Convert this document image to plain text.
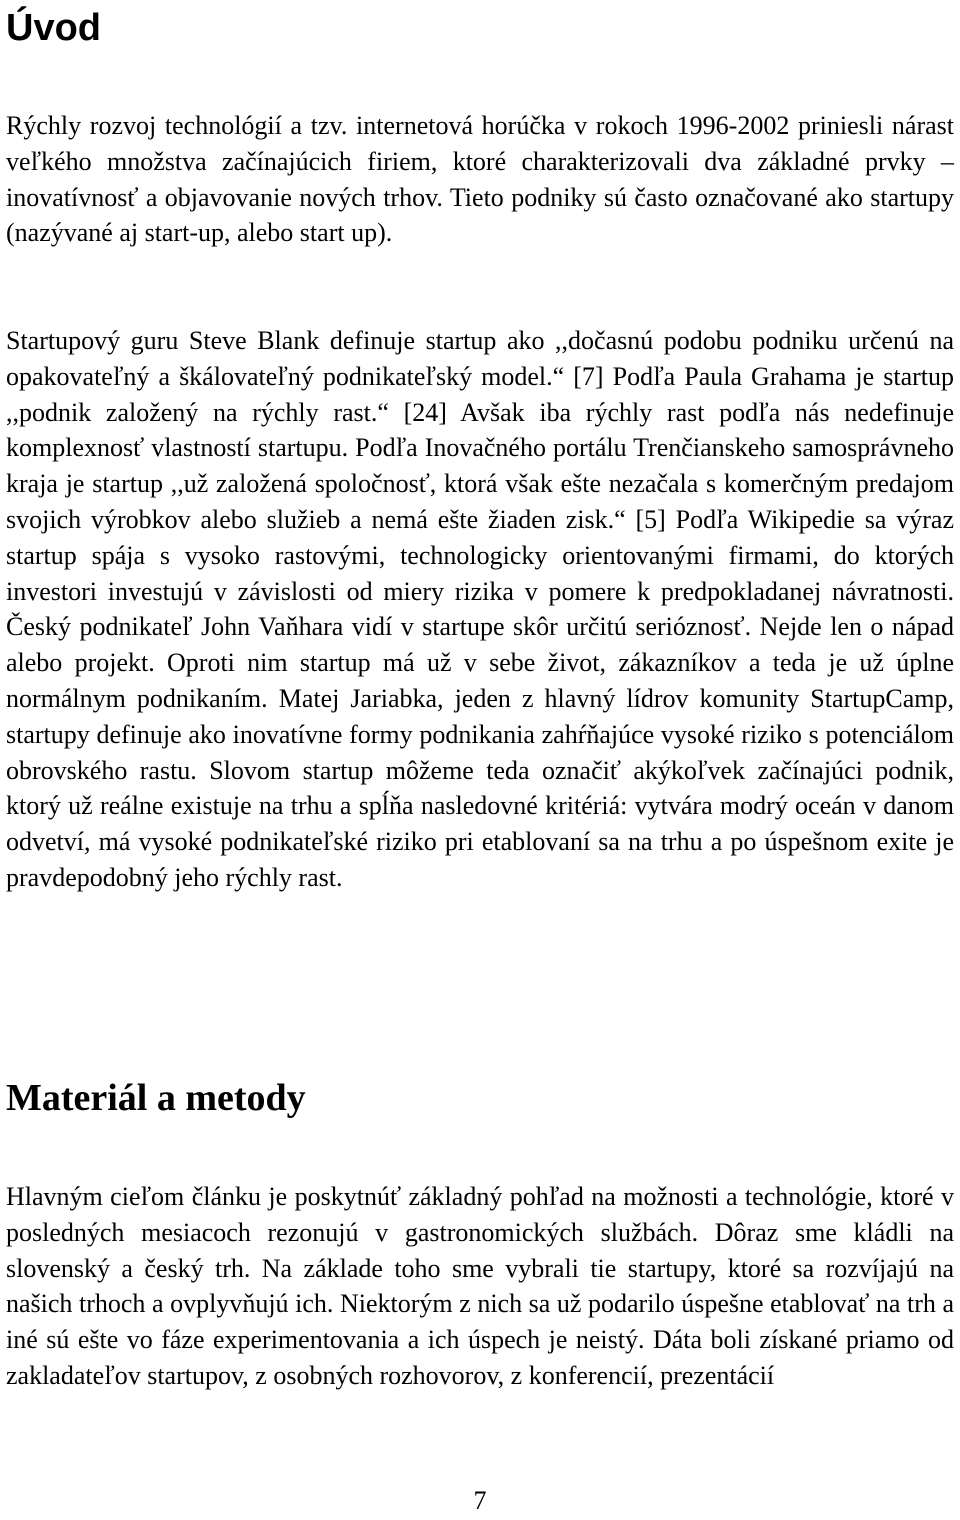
Úvod

Rýchly rozvoj technológií a tzv. internetová horúčka v rokoch 1996-2002 priniesli nárast veľkého množstva začínajúcich firiem, ktoré charakterizovali dva základné prvky – inovatívnosť a objavovanie nových trhov. Tieto podniky sú často označované ako startupy (nazývané aj start-up, alebo start up).

Startupový guru Steve Blank definuje startup ako ,,dočasnú podobu podniku určenú na opakovateľný a škálovateľný podnikateľský model.“ [7] Podľa Paula Grahama je startup ,,podnik založený na rýchly rast.“ [24] Avšak iba rýchly rast podľa nás nedefinuje komplexnosť vlastností startupu. Podľa Inovačného portálu Trenčianskeho samosprávneho kraja je startup ,,už založená spoločnosť, ktorá však ešte nezačala s komerčným predajom svojich výrobkov alebo služieb a nemá ešte žiaden zisk.“ [5] Podľa Wikipedie sa výraz startup spája s vysoko rastovými, technologicky orientovanými firmami, do ktorých investori investujú v závislosti od miery rizika v pomere k predpokladanej návratnosti. Český podnikateľ John Vaňhara vidí v startupe skôr určitú serióznosť. Nejde len o nápad alebo projekt. Oproti nim startup má už v sebe život, zákazníkov a teda je už úplne normálnym podnikaním. Matej Jariabka, jeden z hlavný lídrov komunity StartupCamp, startupy definuje ako inovatívne formy podnikania zahŕňajúce vysoké riziko s potenciálom obrovského rastu. Slovom startup môžeme teda označiť akýkoľvek začínajúci podnik, ktorý už reálne existuje na trhu a spĺňa nasledovné kritériá: vytvára modrý oceán v danom odvetví, má vysoké podnikateľské riziko pri etablovaní sa na trhu a po úspešnom exite je pravdepodobný jeho rýchly rast.

Materiál a metody

Hlavným cieľom článku je poskytnúť základný pohľad na možnosti a technológie, ktoré v posledných mesiacoch rezonujú v gastronomických službách. Dôraz sme kládli na slovenský a český trh. Na základe toho sme vybrali tie startupy, ktoré sa rozvíjajú na našich trhoch a ovplyvňujú ich. Niektorým z nich sa už podarilo úspešne etablovať na trh a iné sú ešte vo fáze experimentovania a ich úspech je neistý. Dáta boli získané priamo od zakladateľov startupov, z osobných rozhovorov, z konferencií, prezentácií

7
